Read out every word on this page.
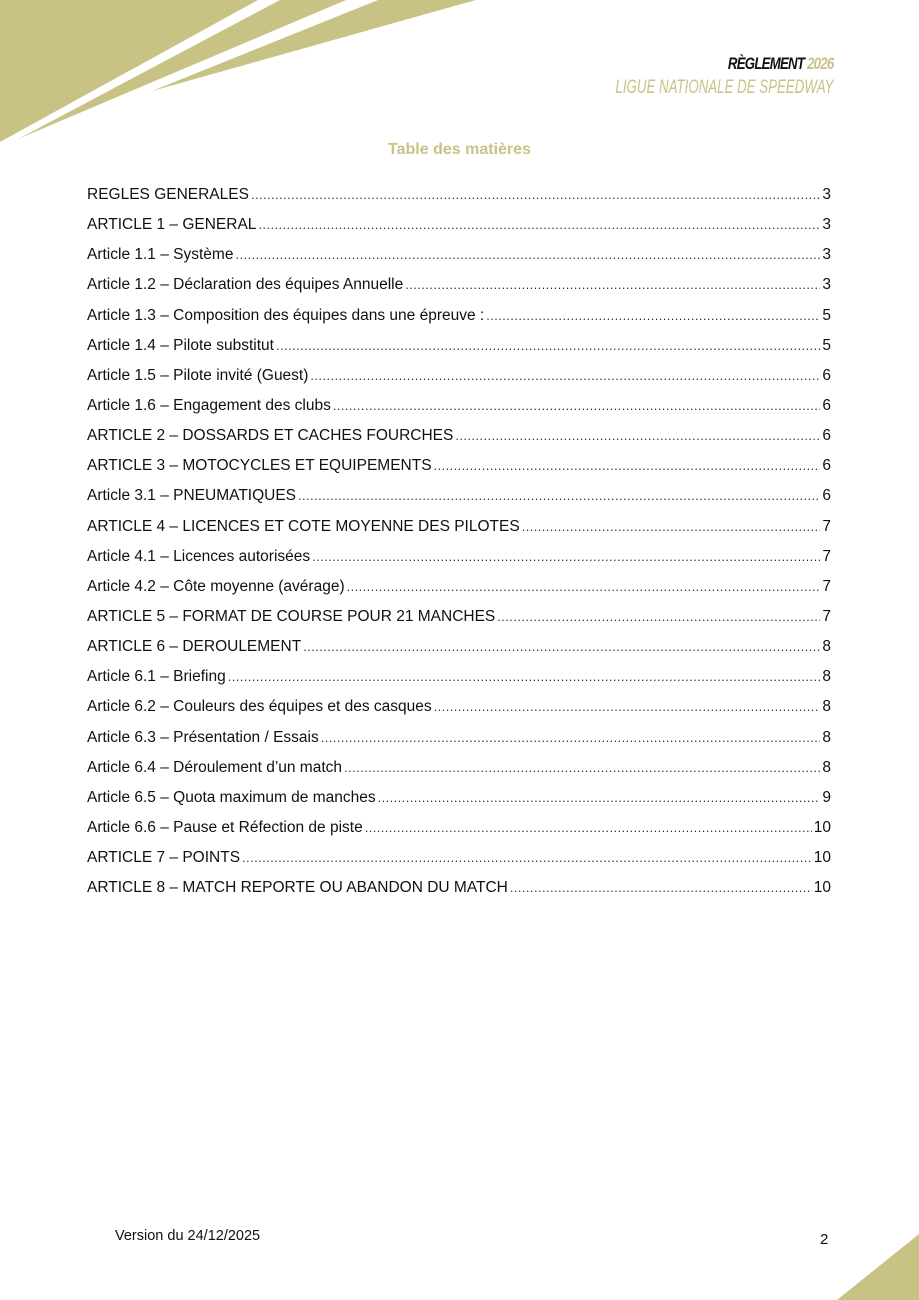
RÈGLEMENT 2026
LIGUE NATIONALE DE SPEEDWAY
Table des matières
REGLES GENERALES .....	3
ARTICLE 1 – GENERAL .....	3
Article 1.1 – Système .....	3
Article 1.2 – Déclaration des équipes Annuelle .....	3
Article 1.3 – Composition des équipes dans une épreuve : .....	5
Article 1.4 – Pilote substitut .....	5
Article 1.5 – Pilote invité (Guest) .....	6
Article 1.6 – Engagement des clubs .....	6
ARTICLE 2 – DOSSARDS ET CACHES FOURCHES .....	6
ARTICLE 3 – MOTOCYCLES ET EQUIPEMENTS .....	6
Article 3.1 – PNEUMATIQUES .....	6
ARTICLE 4 – LICENCES ET COTE MOYENNE DES PILOTES .....	7
Article 4.1 – Licences autorisées .....	7
Article 4.2 – Côte moyenne (avérage) .....	7
ARTICLE 5 – FORMAT DE COURSE POUR 21 MANCHES .....	7
ARTICLE 6 – DEROULEMENT .....	8
Article 6.1 – Briefing .....	8
Article 6.2 – Couleurs des équipes et des casques .....	8
Article 6.3 – Présentation / Essais .....	8
Article 6.4 – Déroulement d’un match .....	8
Article 6.5 – Quota maximum de manches .....	9
Article 6.6 – Pause et Réfection de piste .....	10
ARTICLE 7 – POINTS .....	10
ARTICLE 8 – MATCH REPORTE OU ABANDON DU MATCH .....	10
Version du 24/12/2025	2
